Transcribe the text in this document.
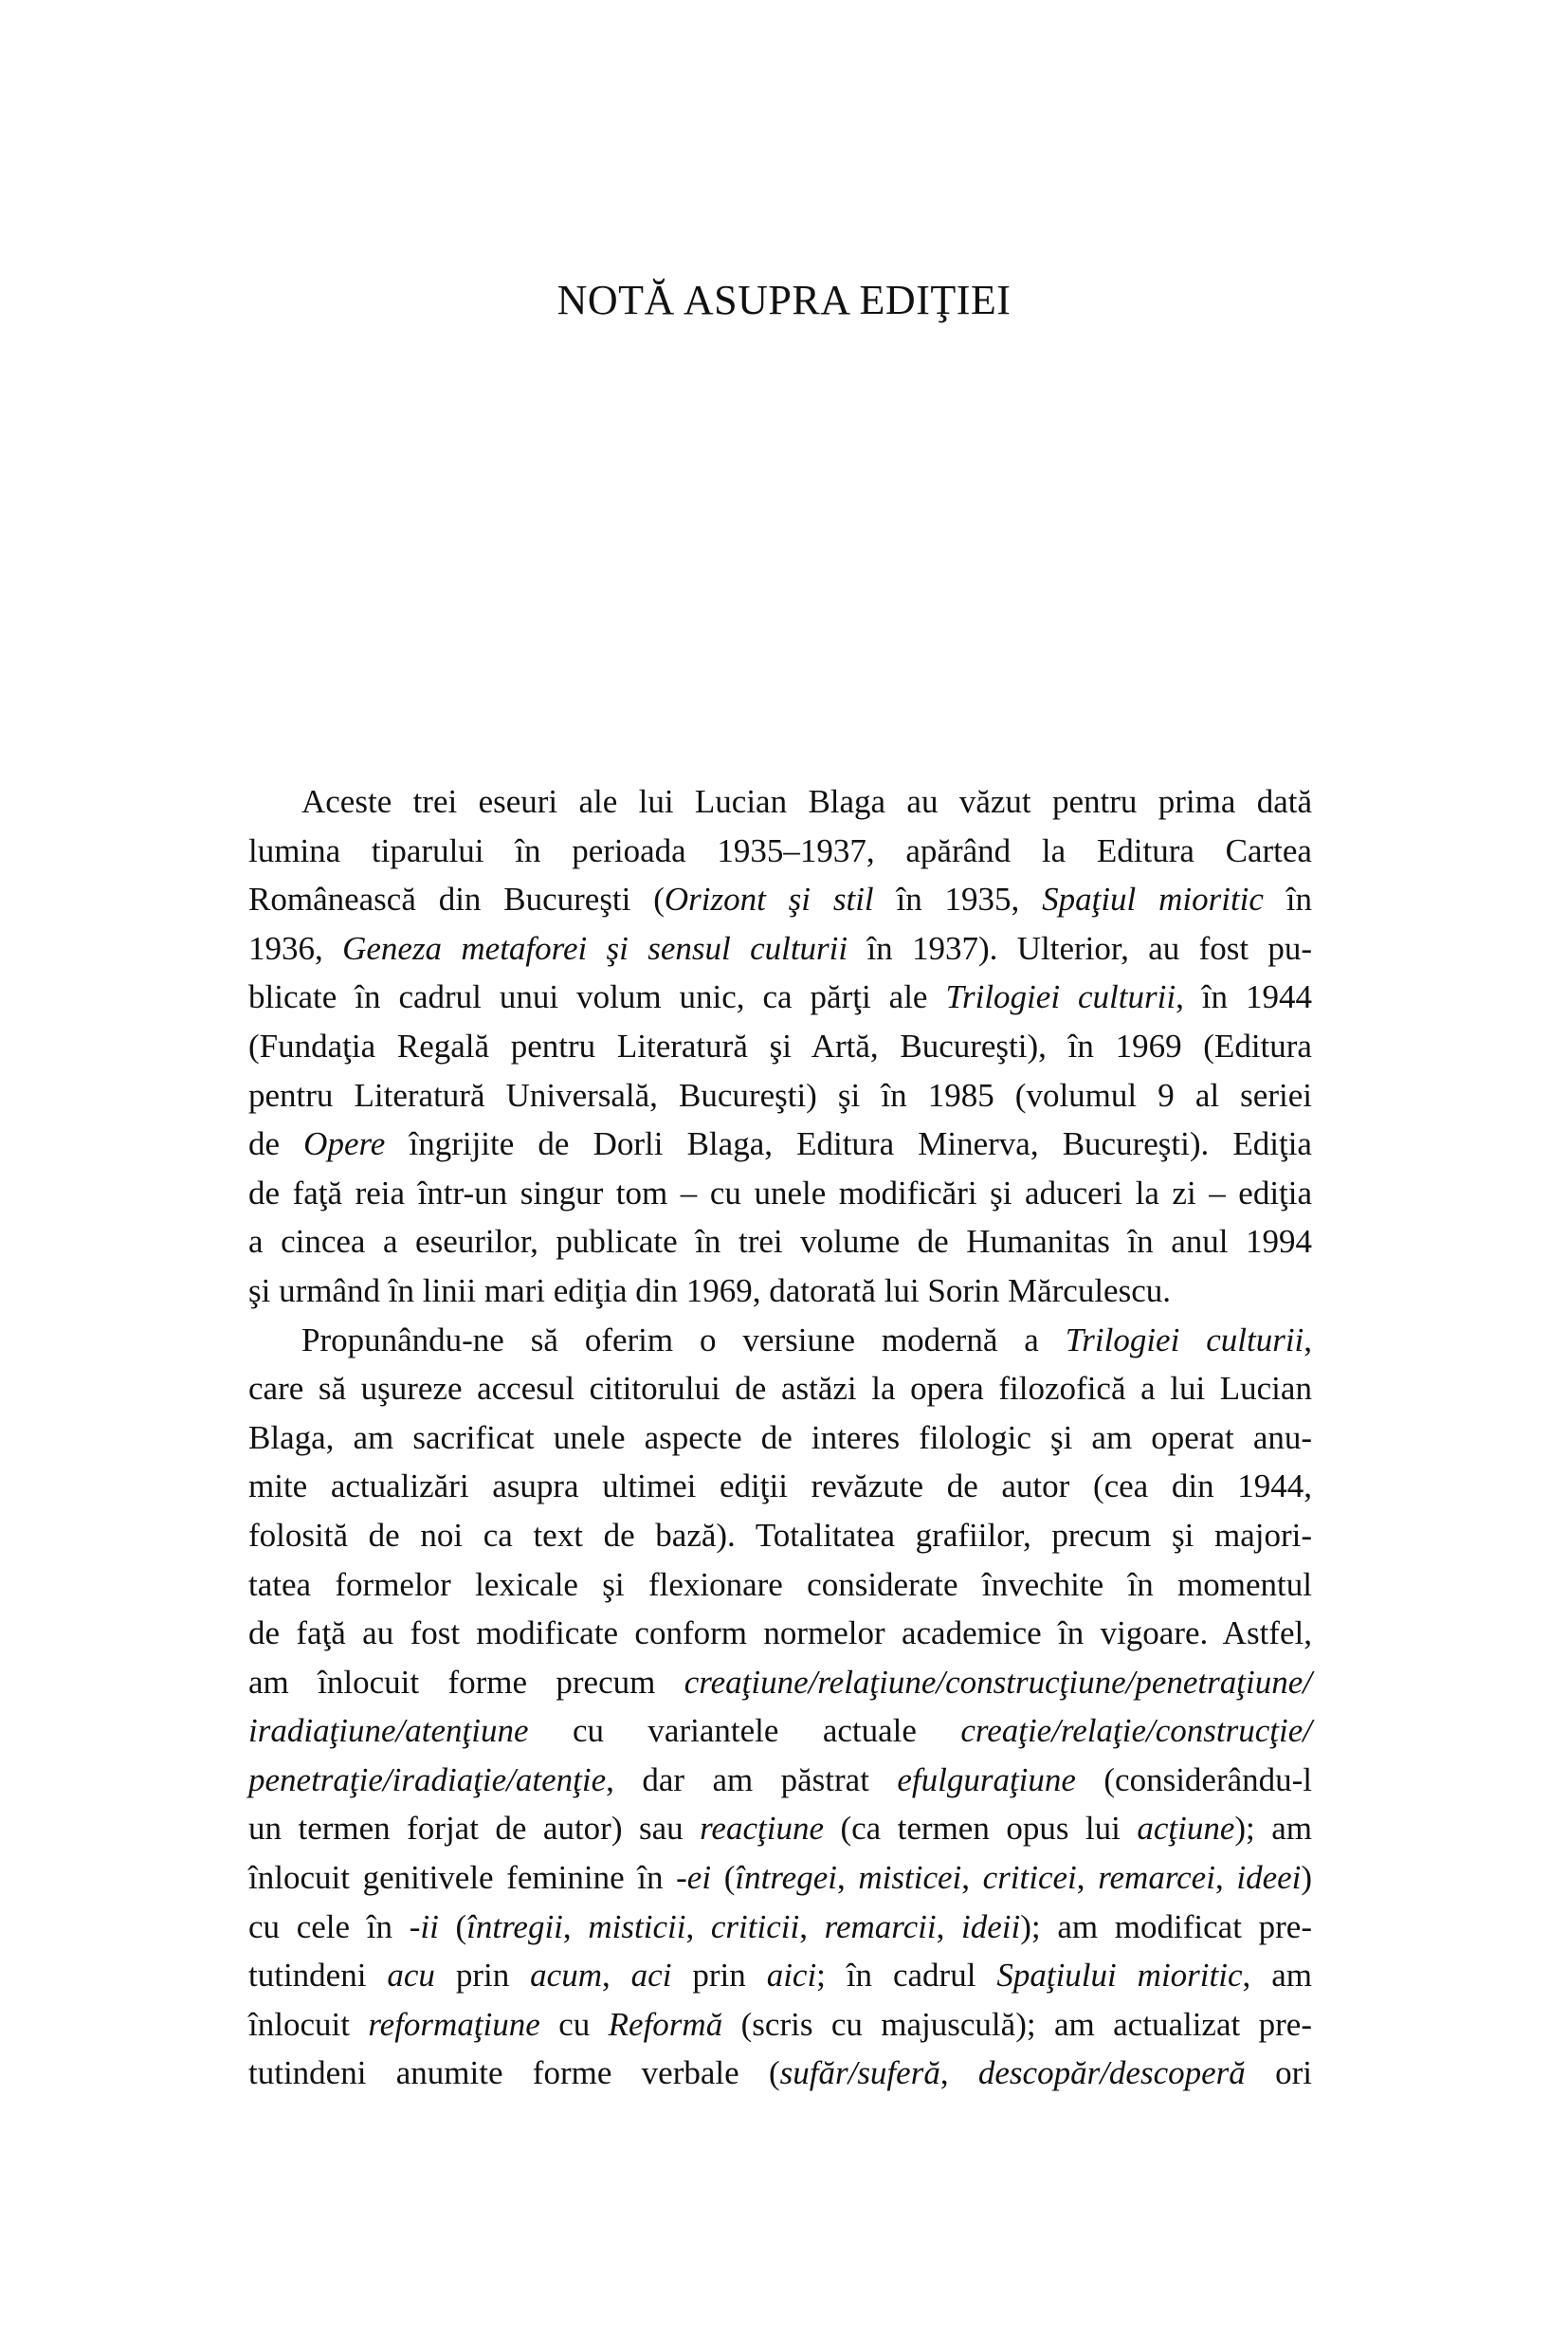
NOTĂ ASUPRA EDIŢIEI
Aceste trei eseuri ale lui Lucian Blaga au văzut pentru prima dată
lumina tiparului în perioada 1935–1937, apărând la Editura Cartea
Românească din Bucureşti (Orizont şi stil în 1935, Spaţiul mioritic în
1936, Geneza metaforei şi sensul culturii în 1937). Ulterior, au fost pu-
blicate în cadrul unui volum unic, ca părţi ale Trilogiei culturii, în 1944
(Fundaţia Regală pentru Literatură şi Artă, Bucureşti), în 1969 (Editura
pentru Literatură Universală, Bucureşti) şi în 1985 (volumul 9 al seriei
de Opere îngrijite de Dorli Blaga, Editura Minerva, Bucureşti). Ediţia
de faţă reia într-un singur tom – cu unele modificări şi aduceri la zi – ediţia
a cincea a eseurilor, publicate în trei volume de Humanitas în anul 1994
şi urmând în linii mari ediţia din 1969, datorată lui Sorin Mărculescu.
Propunându-ne să oferim o versiune modernă a Trilogiei culturii,
care să uşureze accesul cititorului de astăzi la opera filozofică a lui Lucian
Blaga, am sacrificat unele aspecte de interes filologic şi am operat anu-
mite actualizări asupra ultimei ediţii revăzute de autor (cea din 1944,
folosită de noi ca text de bază). Totalitatea grafiilor, precum şi majori-
tatea formelor lexicale şi flexionare considerate învechite în momentul
de faţă au fost modificate conform normelor academice în vigoare. Astfel,
am înlocuit forme precum creaţiune/relaţiune/construcţiune/penetraţiune/
iradiaţiune/atenţiune cu variantele actuale creaţie/relaţie/construcţie/
penetraţie/iradiaţie/atenţie, dar am păstrat efulguraţiune (considerându-l
un termen forjat de autor) sau reacţiune (ca termen opus lui acţiune); am
înlocuit genitivele feminine în -ei (întregei, misticei, criticei, remarcei, ideei)
cu cele în -ii (întregii, misticii, criticii, remarcii, ideii); am modificat pre-
tutindeni acu prin acum, aci prin aici; în cadrul Spaţiului mioritic, am
înlocuit reformaţiune cu Reformă (scris cu majusculă); am actualizat pre-
tutindeni anumite forme verbale (sufăr/suferă, descopăr/descoperă ori
